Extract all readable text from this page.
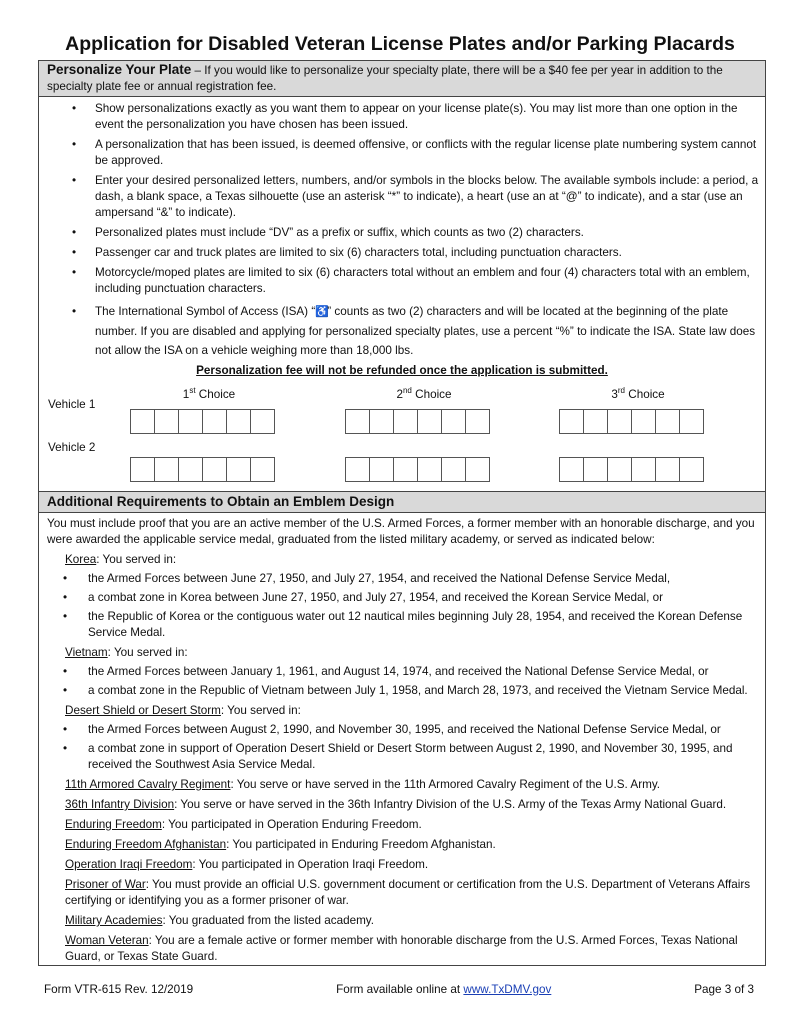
Application for Disabled Veteran License Plates and/or Parking Placards
Personalize Your Plate – If you would like to personalize your specialty plate, there will be a $40 fee per year in addition to the specialty plate fee or annual registration fee.
• Show personalizations exactly as you want them to appear on your license plate(s). You may list more than one option in the event the personalization you have chosen has been issued.
• A personalization that has been issued, is deemed offensive, or conflicts with the regular license plate numbering system cannot be approved.
• Enter your desired personalized letters, numbers, and/or symbols in the blocks below. The available symbols include: a period, a dash, a blank space, a Texas silhouette (use an asterisk “*” to indicate), a heart (use an at “@” to indicate), and a star (use an ampersand “&” to indicate).
• Personalized plates must include “DV” as a prefix or suffix, which counts as two (2) characters.
• Passenger car and truck plates are limited to six (6) characters total, including punctuation characters.
• Motorcycle/moped plates are limited to six (6) characters total without an emblem and four (4) characters total with an emblem, including punctuation characters.
• The International Symbol of Access (ISA) “♿” counts as two (2) characters and will be located at the beginning of the plate number. If you are disabled and applying for personalized specialty plates, use a percent “%” to indicate the ISA. State law does not allow the ISA on a vehicle weighing more than 18,000 lbs.
Personalization fee will not be refunded once the application is submitted.
1st Choice	2nd Choice	3rd Choice
Vehicle 1
Vehicle 2
Additional Requirements to Obtain an Emblem Design
You must include proof that you are an active member of the U.S. Armed Forces, a former member with an honorable discharge, and you were awarded the applicable service medal, graduated from the listed military academy, or served as indicated below:
Korea: You served in:
• the Armed Forces between June 27, 1950, and July 27, 1954, and received the National Defense Service Medal,
• a combat zone in Korea between June 27, 1950, and July 27, 1954, and received the Korean Service Medal, or
• the Republic of Korea or the contiguous water out 12 nautical miles beginning July 28, 1954, and received the Korean Defense Service Medal.
Vietnam: You served in:
• the Armed Forces between January 1, 1961, and August 14, 1974, and received the National Defense Service Medal, or
• a combat zone in the Republic of Vietnam between July 1, 1958, and March 28, 1973, and received the Vietnam Service Medal.
Desert Shield or Desert Storm: You served in:
• the Armed Forces between August 2, 1990, and November 30, 1995, and received the National Defense Service Medal, or
• a combat zone in support of Operation Desert Shield or Desert Storm between August 2, 1990, and November 30, 1995, and received the Southwest Asia Service Medal.
11th Armored Cavalry Regiment: You serve or have served in the 11th Armored Cavalry Regiment of the U.S. Army.
36th Infantry Division: You serve or have served in the 36th Infantry Division of the U.S. Army of the Texas Army National Guard.
Enduring Freedom: You participated in Operation Enduring Freedom.
Enduring Freedom Afghanistan: You participated in Enduring Freedom Afghanistan.
Operation Iraqi Freedom: You participated in Operation Iraqi Freedom.
Prisoner of War: You must provide an official U.S. government document or certification from the U.S. Department of Veterans Affairs certifying or identifying you as a former prisoner of war.
Military Academies: You graduated from the listed academy.
Woman Veteran: You are a female active or former member with honorable discharge from the U.S. Armed Forces, Texas National Guard, or Texas State Guard.
Form VTR-615 Rev. 12/2019	Form available online at www.TxDMV.gov	Page 3 of 3
